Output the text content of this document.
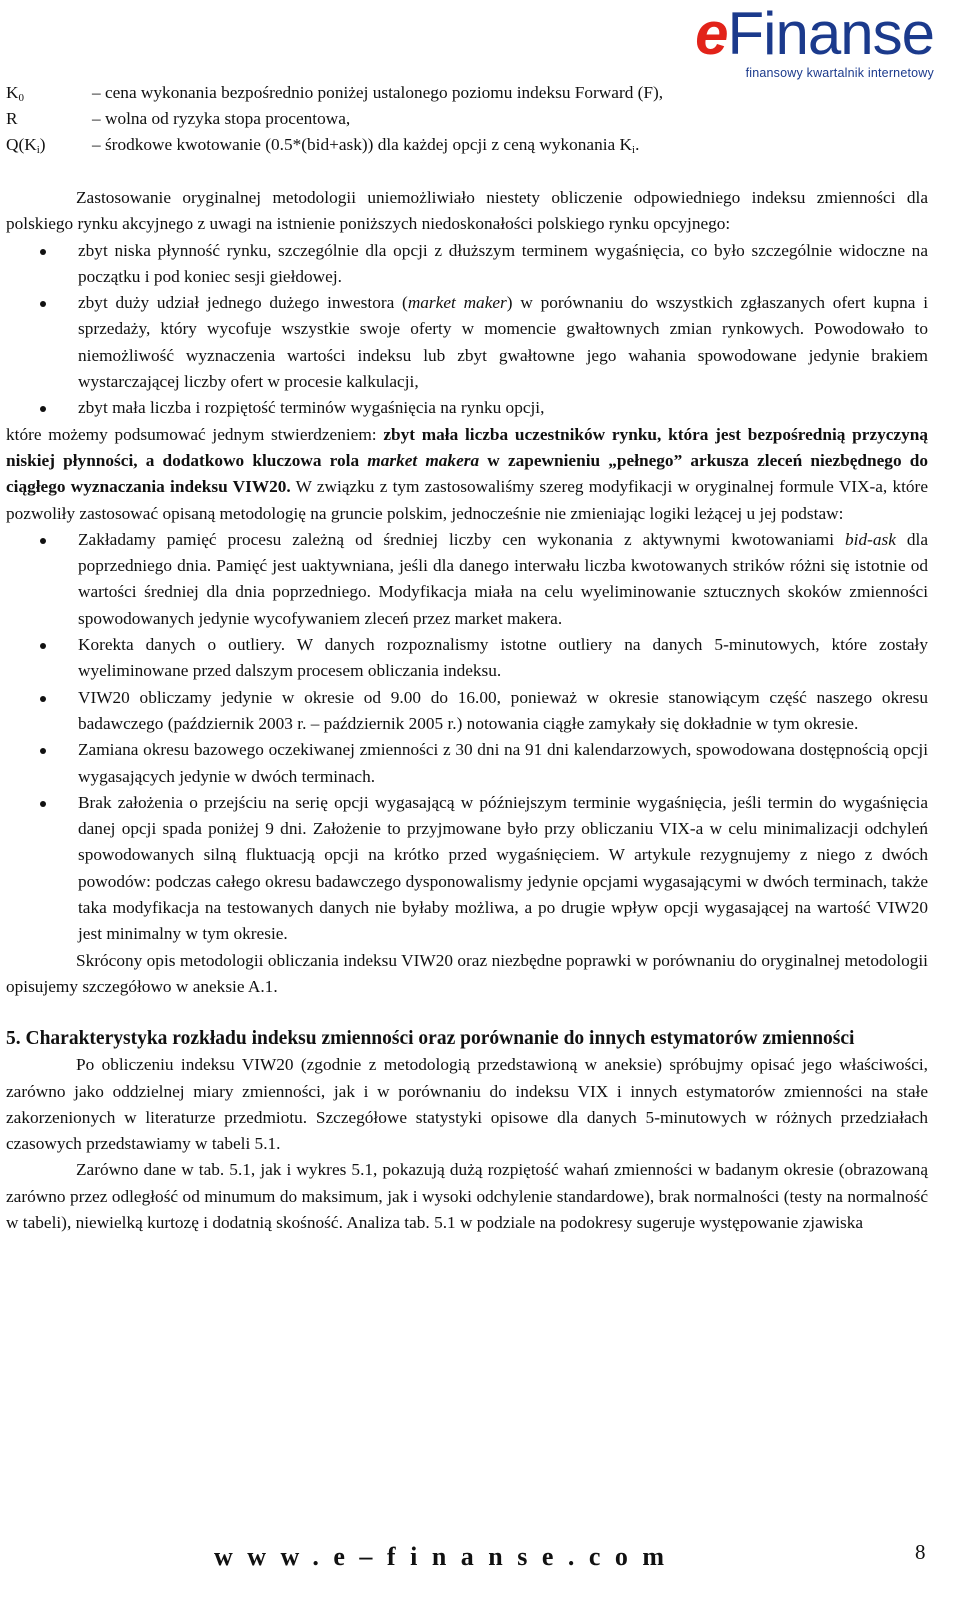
eFinanse
finansowy kwartalnik internetowy
$K_0$	– cena wykonania bezpośrednio poniżej ustalonego poziomu indeksu Forward (F),
R	– wolna od ryzyka stopa procentowa,
$Q(K_i)$	– środkowe kwotowanie (0.5*(bid+ask)) dla każdej opcji z ceną wykonania $K_i$.

Zastosowanie oryginalnej metodologii uniemożliwiało niestety obliczenie odpowiedniego indeksu zmienności dla polskiego rynku akcyjnego z uwagi na istnienie poniższych niedoskonałości polskiego rynku opcyjnego:

zbyt niska płynność rynku, szczególnie dla opcji z dłuższym terminem wygaśnięcia, co było szczególnie widoczne na początku i pod koniec sesji giełdowej.
zbyt duży udział jednego dużego inwestora (market maker) w porównaniu do wszystkich zgłaszanych ofert kupna i sprzedaży, który wycofuje wszystkie swoje oferty w momencie gwałtownych zmian rynkowych. Powodowało to niemożliwość wyznaczenia wartości indeksu lub zbyt gwałtowne jego wahania spowodowane jedynie brakiem wystarczającej liczby ofert w procesie kalkulacji,
zbyt mała liczba i rozpiętość terminów wygaśnięcia na rynku opcji,

które możemy podsumować jednym stwierdzeniem: zbyt mała liczba uczestników rynku, która jest bezpośrednią przyczyną niskiej płynności, a dodatkowo kluczowa rola market makera w zapewnieniu „pełnego” arkusza zleceń niezbędnego do ciągłego wyznaczania indeksu VIW20. W związku z tym zastosowaliśmy szereg modyfikacji w oryginalnej formule VIX-a, które pozwoliły zastosować opisaną metodologię na gruncie polskim, jednocześnie nie zmieniając logiki leżącej u jej podstaw:

Zakładamy pamięć procesu zależną od średniej liczby cen wykonania z aktywnymi kwotowaniami bid-ask dla poprzedniego dnia. Pamięć jest uaktywniana, jeśli dla danego interwału liczba kwotowanych strików różni się istotnie od wartości średniej dla dnia poprzedniego. Modyfikacja miała na celu wyeliminowanie sztucznych skoków zmienności spowodowanych jedynie wycofywaniem zleceń przez market makera.
Korekta danych o outliery. W danych rozpoznalismy istotne outliery na danych 5-minutowych, które zostały wyeliminowane przed dalszym procesem obliczania indeksu.
VIW20 obliczamy jedynie w okresie od 9.00 do 16.00, ponieważ w okresie stanowiącym część naszego okresu badawczego (październik 2003 r. – październik 2005 r.) notowania ciągłe zamykały się dokładnie w tym okresie.
Zamiana okresu bazowego oczekiwanej zmienności z 30 dni na 91 dni kalendarzowych, spowodowana dostępnością opcji wygasających jedynie w dwóch terminach.
Brak założenia o przejściu na serię opcji wygasającą w późniejszym terminie wygaśnięcia, jeśli termin do wygaśnięcia danej opcji spada poniżej 9 dni. Założenie to przyjmowane było przy obliczaniu VIX-a w celu minimalizacji odchyleń spowodowanych silną fluktuacją opcji na krótko przed wygaśnięciem. W artykule rezygnujemy z niego z dwóch powodów: podczas całego okresu badawczego dysponowalismy jedynie opcjami wygasającymi w dwóch terminach, także taka modyfikacja na testowanych danych nie byłaby możliwa, a po drugie wpływ opcji wygasającej na wartość VIW20 jest minimalny w tym okresie.

Skrócony opis metodologii obliczania indeksu VIW20 oraz niezbędne poprawki w porównaniu do oryginalnej metodologii opisujemy szczegółowo w aneksie A.1.

5. Charakterystyka rozkładu indeksu zmienności oraz porównanie do innych estymatorów zmienności

Po obliczeniu indeksu VIW20 (zgodnie z metodologią przedstawioną w aneksie) spróbujmy opisać jego właściwości, zarówno jako oddzielnej miary zmienności, jak i w porównaniu do indeksu VIX i innych estymatorów zmienności na stałe zakorzenionych w literaturze przedmiotu. Szczegółowe statystyki opisowe dla danych 5-minutowych w różnych przedziałach czasowych przedstawiamy w tabeli 5.1.

Zarówno dane w tab. 5.1, jak i wykres 5.1, pokazują dużą rozpiętość wahań zmienności w badanym okresie (obrazowaną zarówno przez odległość od minumum do maksimum, jak i wysoki odchylenie standardowe), brak normalności (testy na normalność w tabeli), niewielką kurtozę i dodatnią skośność. Analiza tab. 5.1 w podziale na podokresy sugeruje występowanie zjawiska

www.e–finanse.com	8
